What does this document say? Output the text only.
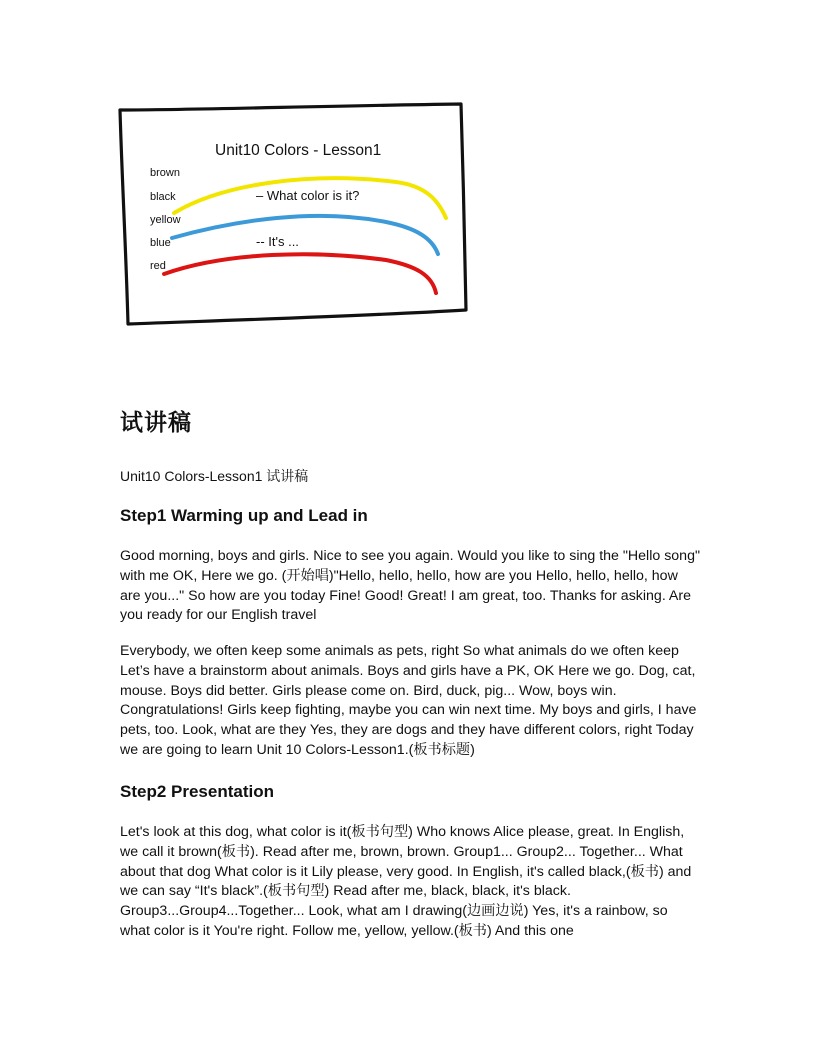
Unit10 Colors - Lesson1
brown
black
yellow
blue
red
– What color is it?
-- It's ...
试讲稿

Unit10 Colors-Lesson1 试讲稿

Step1 Warming up and Lead in

Good morning, boys and girls. Nice to see you again. Would you like to sing the "Hello song" with me OK, Here we go. (开始唱)"Hello, hello, hello, how are you Hello, hello, hello, how are you..." So how are you today Fine! Good! Great! I am great, too. Thanks for asking. Are you ready for our English travel

Everybody, we often keep some animals as pets, right So what animals do we often keep Let’s have a brainstorm about animals. Boys and girls have a PK, OK Here we go. Dog, cat, mouse. Boys did better. Girls please come on. Bird, duck, pig... Wow, boys win. Congratulations! Girls keep fighting, maybe you can win next time. My boys and girls, I have pets, too. Look, what are they Yes, they are dogs and they have different colors, right Today we are going to learn Unit 10 Colors-Lesson1.(板书标题)

Step2 Presentation

Let's look at this dog, what color is it(板书句型) Who knows Alice please, great. In English, we call it brown(板书). Read after me, brown, brown. Group1... Group2... Together... What about that dog What color is it Lily please, very good. In English, it's called black,(板书) and we can say “It's black”.(板书句型) Read after me, black, black, it's black. Group3...Group4...Together... Look, what am I drawing(边画边说) Yes, it's a rainbow, so what color is it You're right. Follow me, yellow, yellow.(板书) And this one
